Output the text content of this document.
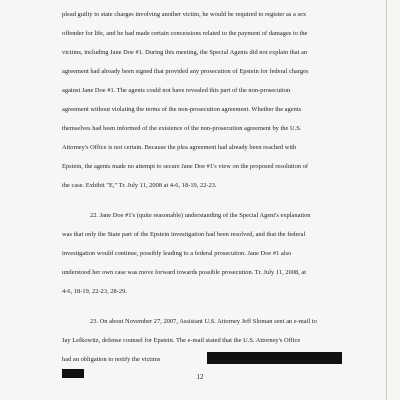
plead guilty to state charges involving another victim, he would be required to register as a sex
offender for life, and he had made certain concessions related to the payment of damages to the
victims, including Jane Doe #1. During this meeting, the Special Agents did not explain that an
agreement had already been signed that provided any prosecution of Epstein for federal charges
against Jane Doe #1. The agents could not have revealed this part of the non-prosecution
agreement without violating the terms of the non-prosecution agreement. Whether the agents
themselves had been informed of the existence of the non-prosecution agreement by the U.S.
Attorney's Office is not certain. Because the plea agreement had already been reached with
Epstein, the agents made no attempt to secure Jane Doe #1's view on the proposed resolution of
the case. Exhibit "E," Tr. July 11, 2008 at 4-6, 18-19, 22-23.
22. Jane Doe #1's (quite reasonable) understanding of the Special Agent's explanation
was that only the State part of the Epstein investigation had been resolved, and that the federal
investigation would continue, possibly leading to a federal prosecution. Jane Doe #1 also
understood her own case was move forward towards possible prosecution. Tr. July 11, 2008, at
4-6, 18-19, 22-23, 28-29.
23. On about November 27, 2007, Assistant U.S. Attorney Jeff Sloman sent an e-mail to
Jay Lefkowitz, defense counsel for Epstein. The e-mail stated that the U.S. Attorney's Office
had an obligation to notify the victims
12
